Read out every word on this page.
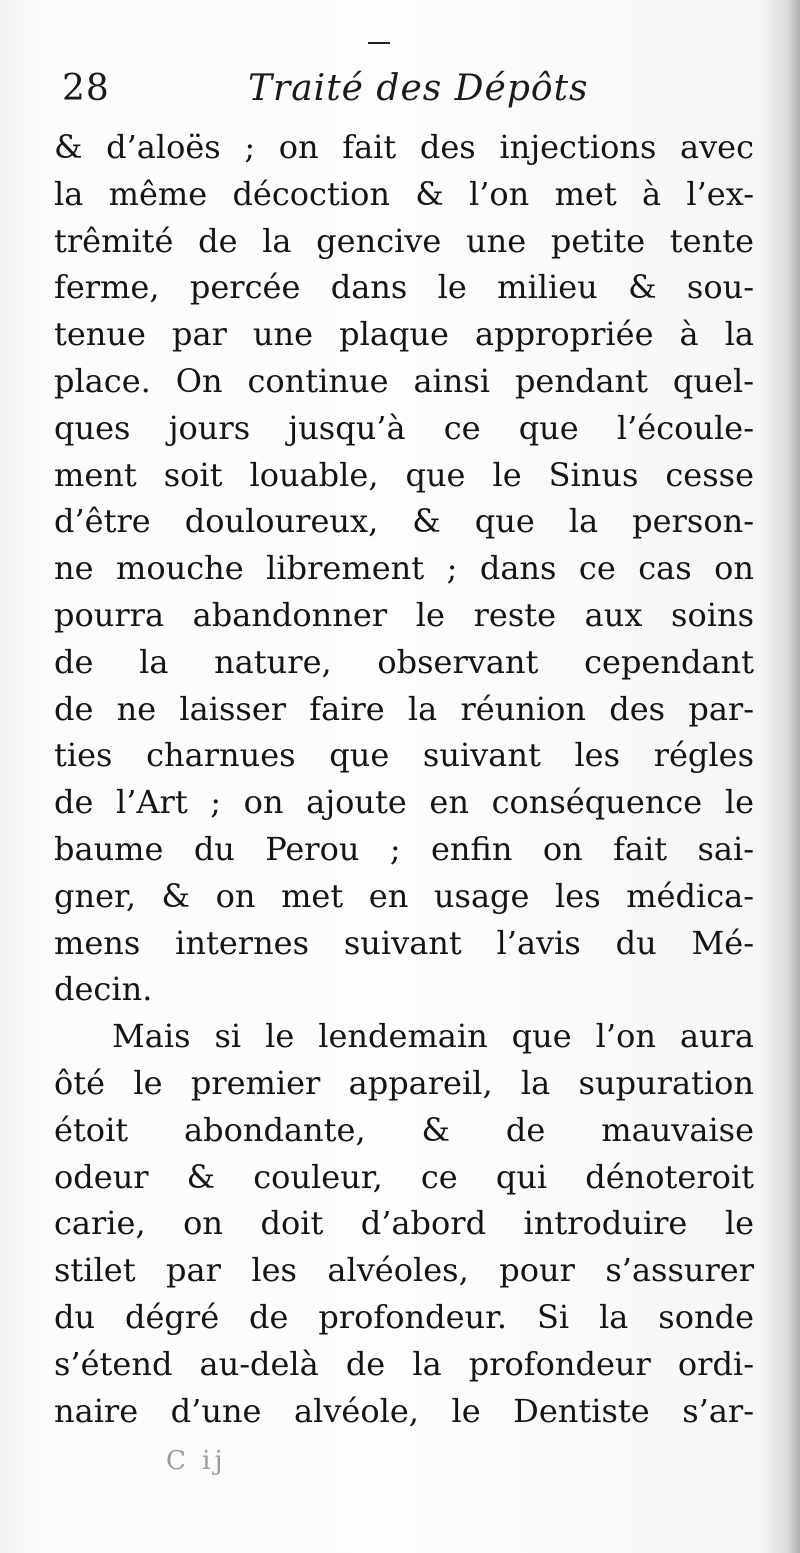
28	Traité des Dépôts
& d’aloës ; on fait des injections avec
la même décoction & l’on met à l’ex-
trêmité de la gencive une petite tente
ferme, percée dans le milieu & sou-
tenue par une plaque appropriée à la
place. On continue ainsi pendant quel-
ques jours jusqu’à ce que l’écoule-
ment soit louable, que le Sinus cesse
d’être douloureux, & que la person-
ne mouche librement ; dans ce cas on
pourra abandonner le reste aux soins
de la nature, observant cependant
de ne laisser faire la réunion des par-
ties charnues que suivant les régles
de l’Art ; on ajoute en conséquence le
baume du Perou ; enfin on fait sai-
gner, & on met en usage les médica-
mens internes suivant l’avis du Mé-
decin.
Mais si le lendemain que l’on aura
ôté le premier appareil, la supuration
étoit abondante, & de mauvaise
odeur & couleur, ce qui dénoteroit
carie, on doit d’abord introduire le
stilet par les alvéoles, pour s’assurer
du dégré de profondeur. Si la sonde
s’étend au-delà de la profondeur ordi-
naire d’une alvéole, le Dentiste s’ar-
C ij
